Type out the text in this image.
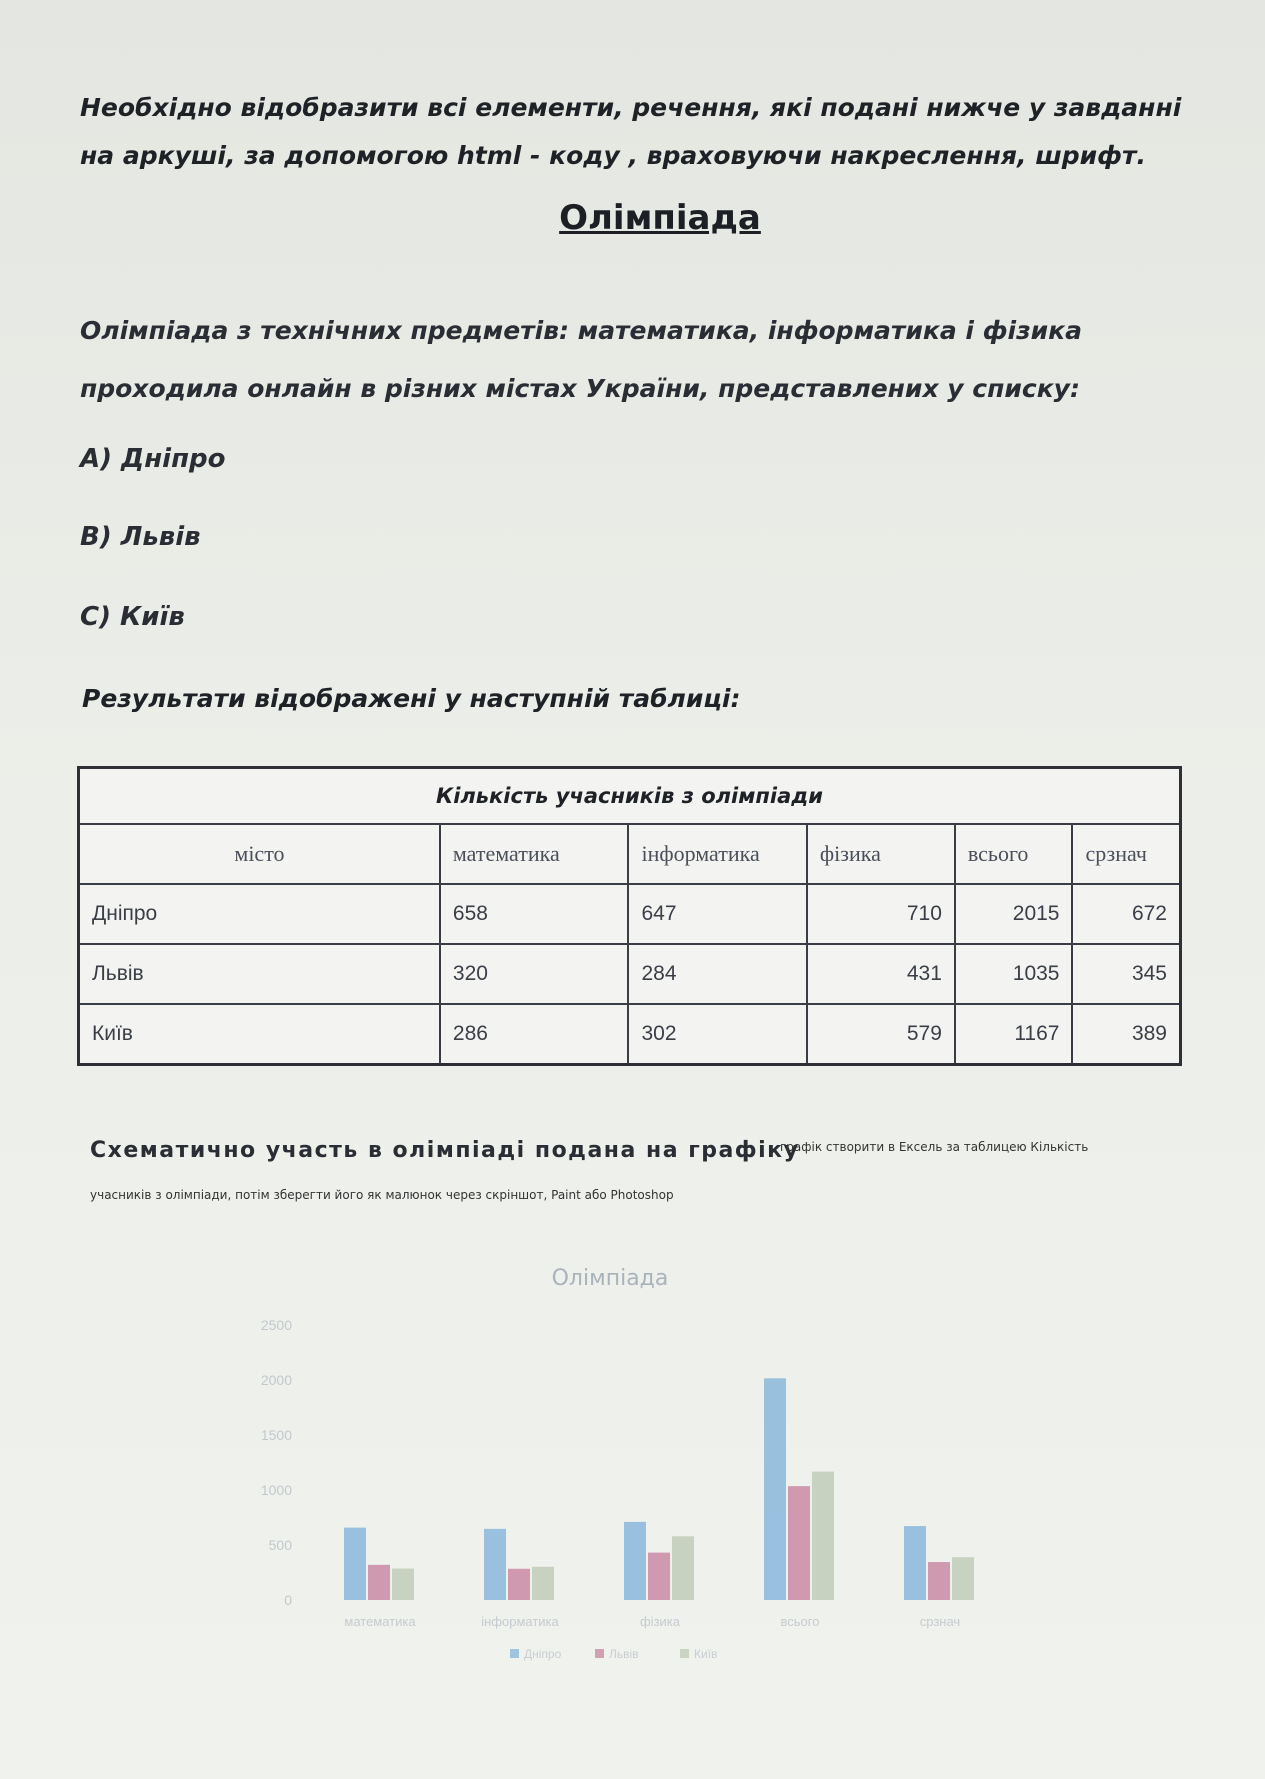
Необхідно відобразити всі елементи, речення, які подані нижче у завданні на аркуші, за допомогою html - коду , враховуючи накреслення, шрифт.

Олімпіада

Олімпіада з технічних предметів: математика, інформатика і фізика проходила онлайн в різних містах України, представлених у списку:

А) Дніпро
В) Львів
С) Київ
Результати відображені у наступній таблиці:
Кількість учасників з олімпіади					
місто	математика	інформатика	фізика	всього	срзнач
Дніпро	658	647	710	2015	672
Львів	320	284	431	1035	345
Київ	286	302	579	1167	389
Схематично участь в олімпіаді подана на графіку
графік створити в Ексель за таблицею Кількість
учасників з олімпіади, потім зберегти його як малюнок через скріншот, Paint або Photoshop
Олімпіада
0
500
1000
1500
2000
2500
математика	інформатика	фізика	всього	срзнач
Дніпро	Львів	Київ
